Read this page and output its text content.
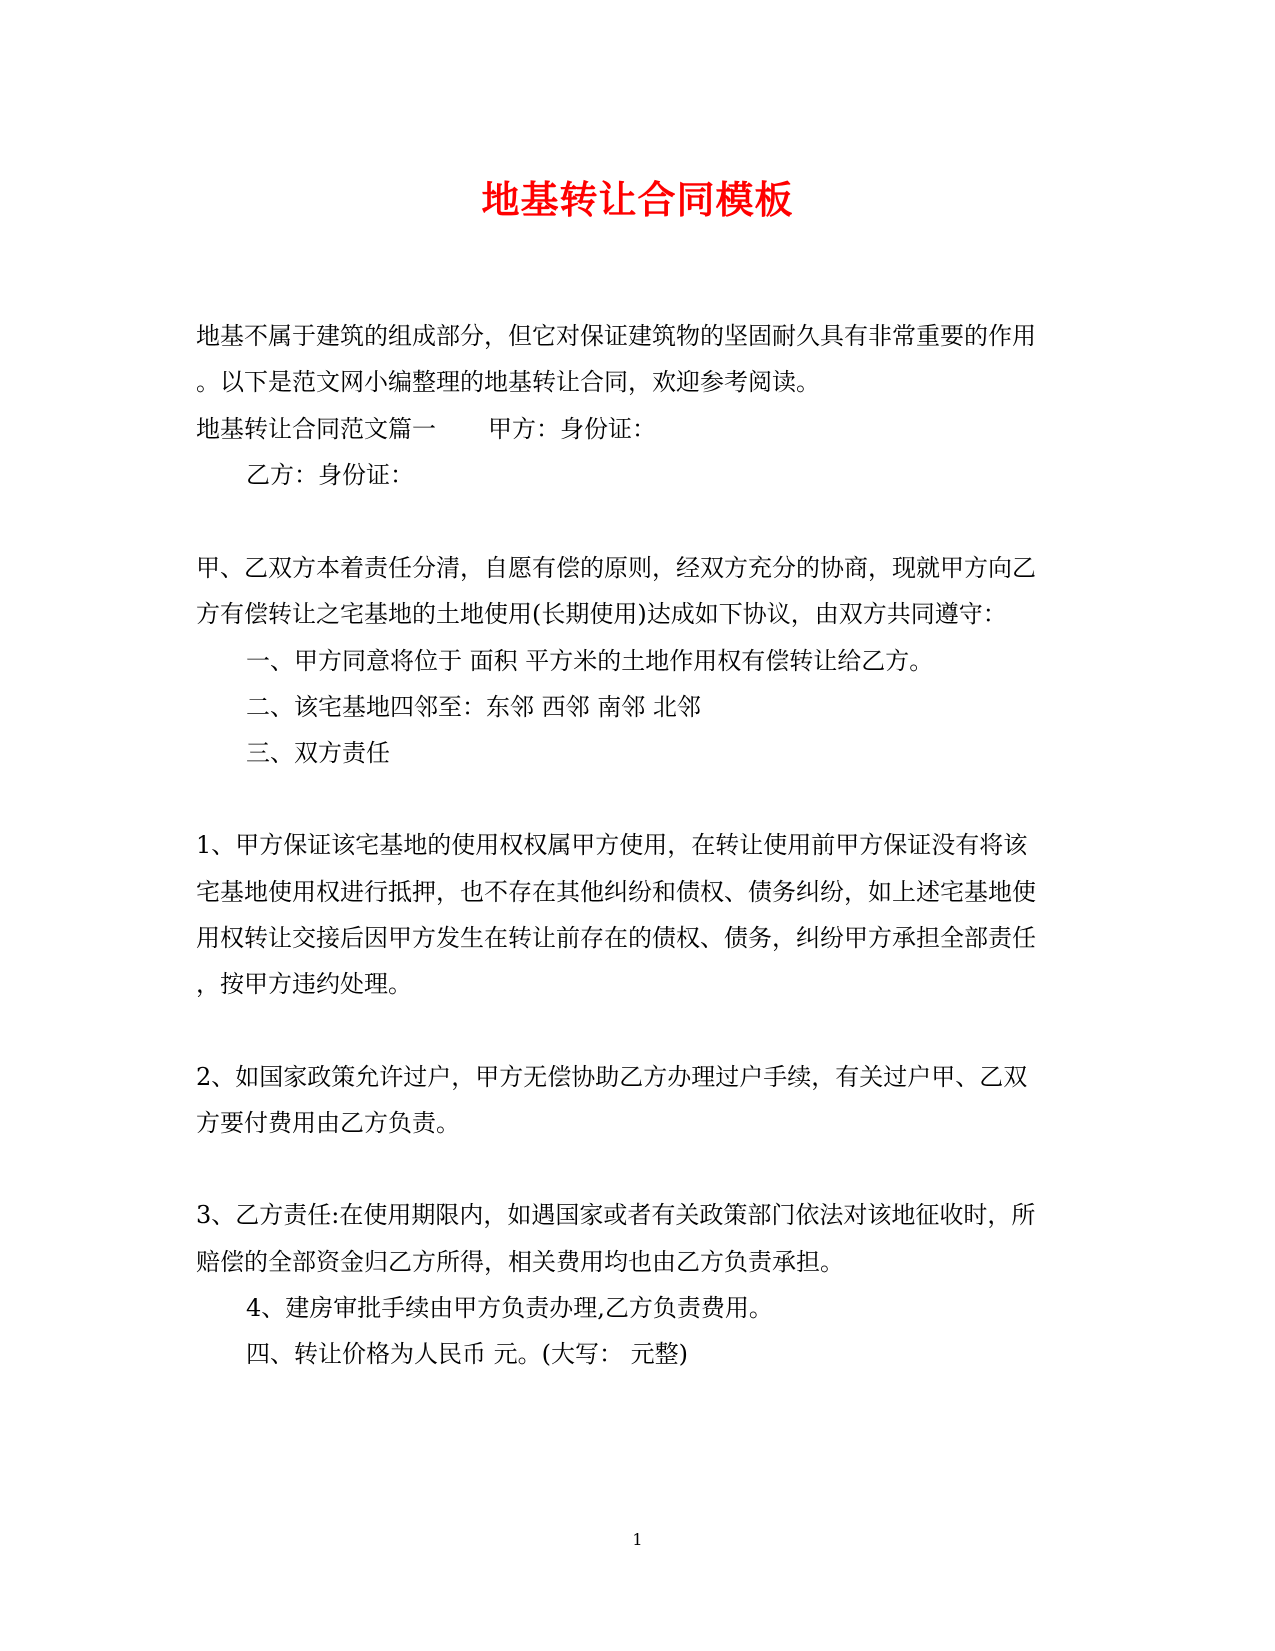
地基转让合同模板
地基不属于建筑的组成部分，但它对保证建筑物的坚固耐久具有非常重要的作用
。以下是范文网小编整理的地基转让合同，欢迎参考阅读。
地基转让合同范文篇一 甲方：身份证：
乙方：身份证：
甲、乙双方本着责任分清，自愿有偿的原则，经双方充分的协商，现就甲方向乙
方有偿转让之宅基地的土地使用(长期使用)达成如下协议，由双方共同遵守：
一、甲方同意将位于 面积 平方米的土地作用权有偿转让给乙方。
二、该宅基地四邻至：东邻 西邻 南邻 北邻
三、双方责任
1、甲方保证该宅基地的使用权权属甲方使用，在转让使用前甲方保证没有将该
宅基地使用权进行抵押，也不存在其他纠纷和债权、债务纠纷，如上述宅基地使
用权转让交接后因甲方发生在转让前存在的债权、债务，纠纷甲方承担全部责任
，按甲方违约处理。
2、如国家政策允许过户，甲方无偿协助乙方办理过户手续，有关过户甲、乙双
方要付费用由乙方负责。
3、乙方责任:在使用期限内，如遇国家或者有关政策部门依法对该地征收时，所
赔偿的全部资金归乙方所得，相关费用均也由乙方负责承担。
4、建房审批手续由甲方负责办理,乙方负责费用。
四、转让价格为人民币 元。(大写： 元整)
1
